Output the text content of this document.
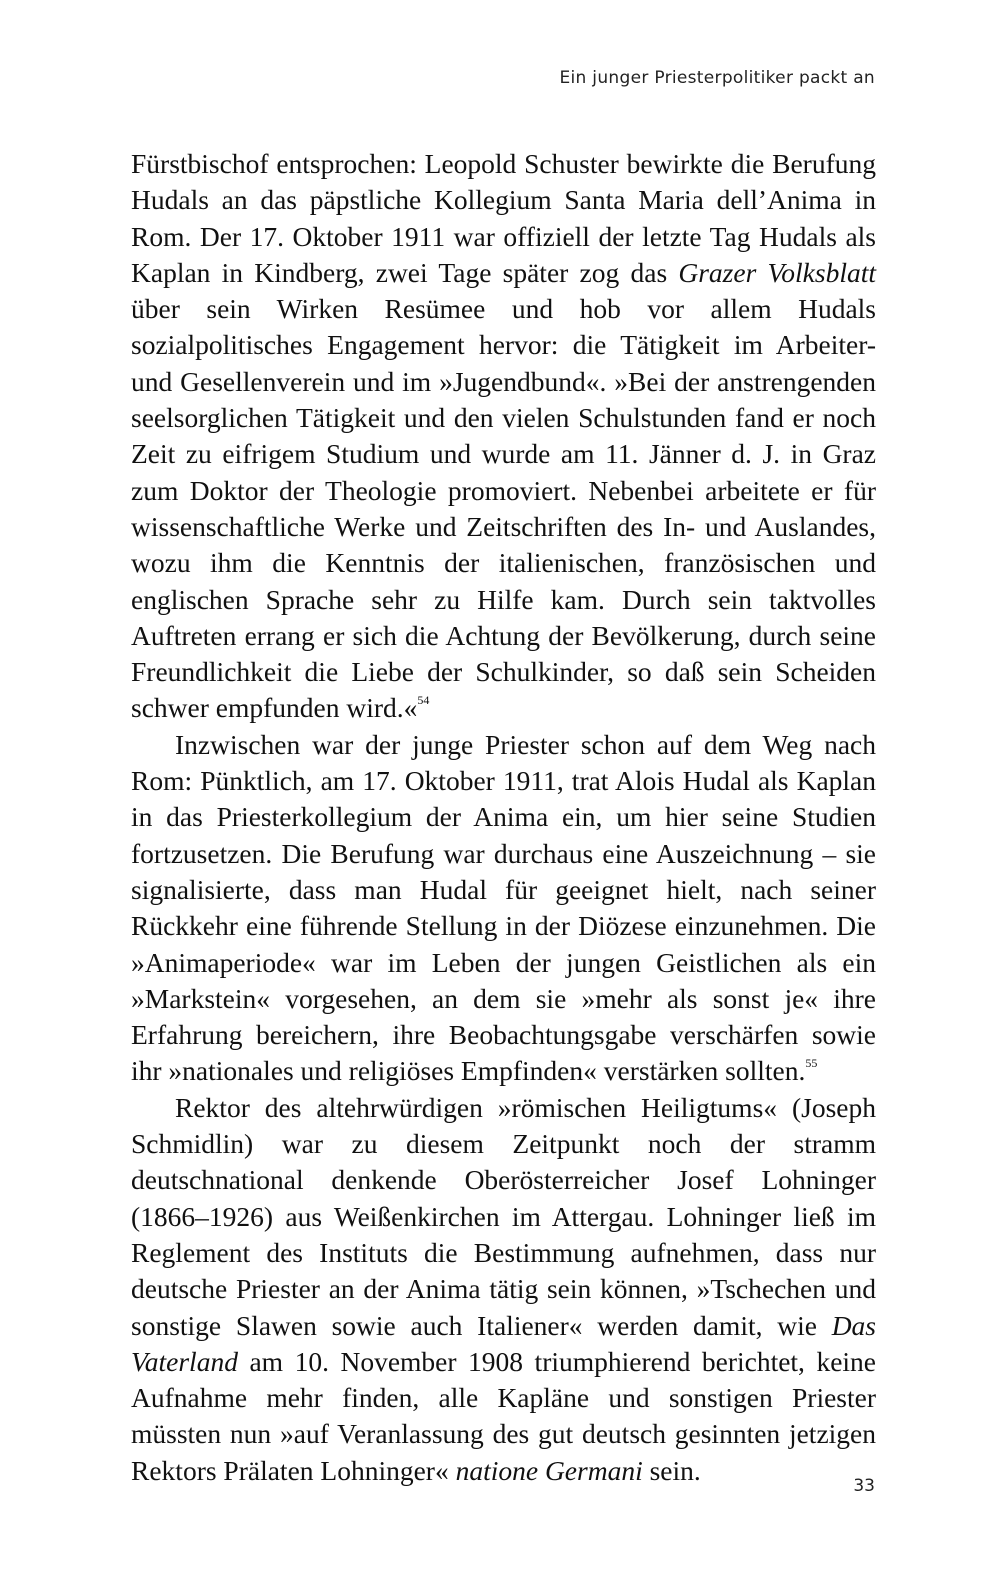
Ein junger Priesterpolitiker packt an

Fürstbischof entsprochen: Leopold Schuster bewirkte die Berufung Hudals an das päpstliche Kollegium Santa Maria dell’Anima in Rom. Der 17. Oktober 1911 war offiziell der letzte Tag Hudals als Kaplan in Kindberg, zwei Tage später zog das Grazer Volksblatt über sein Wirken Resümee und hob vor allem Hudals sozialpolitisches Engagement hervor: die Tätigkeit im Arbeiter- und Gesellenverein und im »Jugendbund«. »Bei der anstrengenden seelsorglichen Tätigkeit und den vielen Schulstunden fand er noch Zeit zu eifrigem Studium und wurde am 11. Jänner d. J. in Graz zum Doktor der Theologie promoviert. Nebenbei arbeitete er für wissenschaftliche Werke und Zeitschriften des In- und Auslandes, wozu ihm die Kenntnis der italienischen, französischen und englischen Sprache sehr zu Hilfe kam. Durch sein taktvolles Auftreten errang er sich die Achtung der Bevölkerung, durch seine Freundlichkeit die Liebe der Schulkinder, so daß sein Scheiden schwer empfunden wird.«$^{54}$

Inzwischen war der junge Priester schon auf dem Weg nach Rom: Pünktlich, am 17. Oktober 1911, trat Alois Hudal als Kaplan in das Priesterkollegium der Anima ein, um hier seine Studien fortzusetzen. Die Berufung war durchaus eine Auszeichnung – sie signalisierte, dass man Hudal für geeignet hielt, nach seiner Rückkehr eine führende Stellung in der Diözese einzunehmen. Die »Animaperiode« war im Leben der jungen Geistlichen als ein »Markstein« vorgesehen, an dem sie »mehr als sonst je« ihre Erfahrung bereichern, ihre Beobachtungsgabe verschärfen sowie ihr »nationales und religiöses Empfinden« verstärken sollten.$^{55}$

Rektor des altehrwürdigen »römischen Heiligtums« (Joseph Schmidlin) war zu diesem Zeitpunkt noch der stramm deutschnational denkende Oberösterreicher Josef Lohninger (1866–1926) aus Weißenkirchen im Attergau. Lohninger ließ im Reglement des Instituts die Bestimmung aufnehmen, dass nur deutsche Priester an der Anima tätig sein können, »Tschechen und sonstige Slawen sowie auch Italiener« werden damit, wie Das Vaterland am 10. November 1908 triumphierend berichtet, keine Aufnahme mehr finden, alle Kapläne und sonstigen Priester müssten nun »auf Veranlassung des gut deutsch gesinnten jetzigen Rektors Prälaten Lohninger« natione Germani sein.

33
